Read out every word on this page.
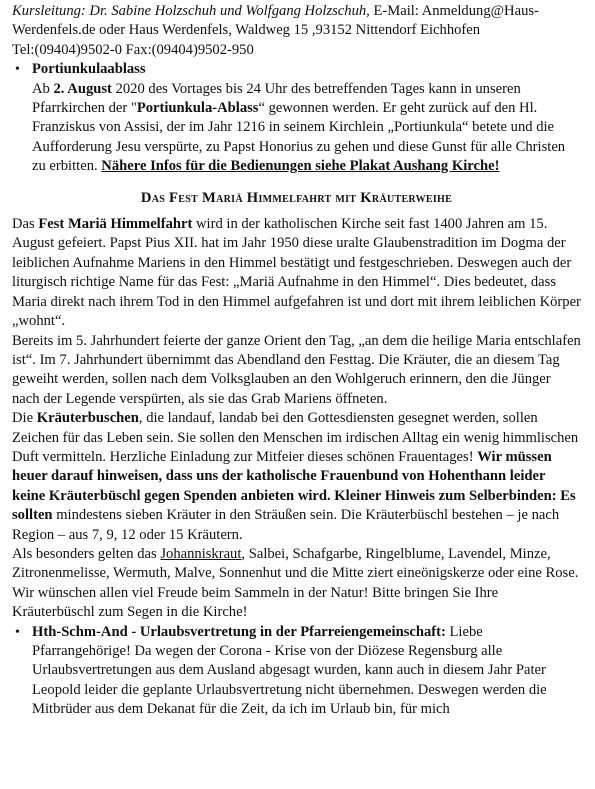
Kursleitung: Dr. Sabine Holzschuh und Wolfgang Holzschuh, E-Mail: Anmeldung@Haus-

Werdenfels.de oder Haus Werdenfels, Waldweg 15 ,93152 Nittendorf Eichhofen

Tel:(09404)9502-0 Fax:(09404)9502-950

• Portiunkulaablass

Ab 2. August 2020 des Vortages bis 24 Uhr des betreffenden Tages kann in unseren Pfarrkirchen der "Portiunkula-Ablass“ gewonnen werden. Er geht zurück auf den Hl. Franziskus von Assisi, der im Jahr 1216 in seinem Kirchlein „Portiunkula“ betete und die Aufforderung Jesu verspürte, zu Papst Honorius zu gehen und diese Gunst für alle Christen zu erbitten. Nähere Infos für die Bedienungen siehe Plakat Aushang Kirche!

Das Fest Mariä Himmelfahrt mit Kräuterweihe

Das Fest Mariä Himmelfahrt wird in der katholischen Kirche seit fast 1400 Jahren am 15. August gefeiert. Papst Pius XII. hat im Jahr 1950 diese uralte Glaubenstradition im Dogma der leiblichen Aufnahme Mariens in den Himmel bestätigt und festgeschrieben. Deswegen auch der liturgisch richtige Name für das Fest: „Mariä Aufnahme in den Himmel“. Dies bedeutet, dass Maria direkt nach ihrem Tod in den Himmel aufgefahren ist und dort mit ihrem leiblichen Körper „wohnt“.

Bereits im 5. Jahrhundert feierte der ganze Orient den Tag, „an dem die heilige Maria entschlafen ist“. Im 7. Jahrhundert übernimmt das Abendland den Festtag. Die Kräuter, die an diesem Tag geweiht werden, sollen nach dem Volksglauben an den Wohlgeruch erinnern, den die Jünger nach der Legende verspürten, als sie das Grab Mariens öffneten.

Die Kräuterbuschen, die landauf, landab bei den Gottesdiensten gesegnet werden, sollen Zeichen für das Leben sein. Sie sollen den Menschen im irdischen Alltag ein wenig himmlischen Duft vermitteln. Herzliche Einladung zur Mitfeier dieses schönen Frauentages! Wir müssen heuer darauf hinweisen, dass uns der katholische Frauenbund von Hohenthann leider keine Kräuterbüschl gegen Spenden anbieten wird. Kleiner Hinweis zum Selberbinden: Es sollten mindestens sieben Kräuter in den Sträußen sein. Die Kräuterbüschl bestehen – je nach Region – aus 7, 9, 12 oder 15 Kräutern.

Als besonders gelten das Johanniskraut, Salbei, Schafgarbe, Ringelblume, Lavendel, Minze, Zitronenmelisse, Wermuth, Malve, Sonnenhut und die Mitte ziert eineönigskerze oder eine Rose. Wir wünschen allen viel Freude beim Sammeln in der Natur! Bitte bringen Sie Ihre Kräuterbüschl zum Segen in die Kirche!

• Hth-Schm-And - Urlaubsvertretung in der Pfarreiengemeinschaft: Liebe Pfarrangehörige! Da wegen der Corona - Krise von der Diözese Regensburg alle Urlaubsvertretungen aus dem Ausland abgesagt wurden, kann auch in diesem Jahr Pater Leopold leider die geplante Urlaubsvertretung nicht übernehmen. Deswegen werden die Mitbrüder aus dem Dekanat für die Zeit, da ich im Urlaub bin, für mich
